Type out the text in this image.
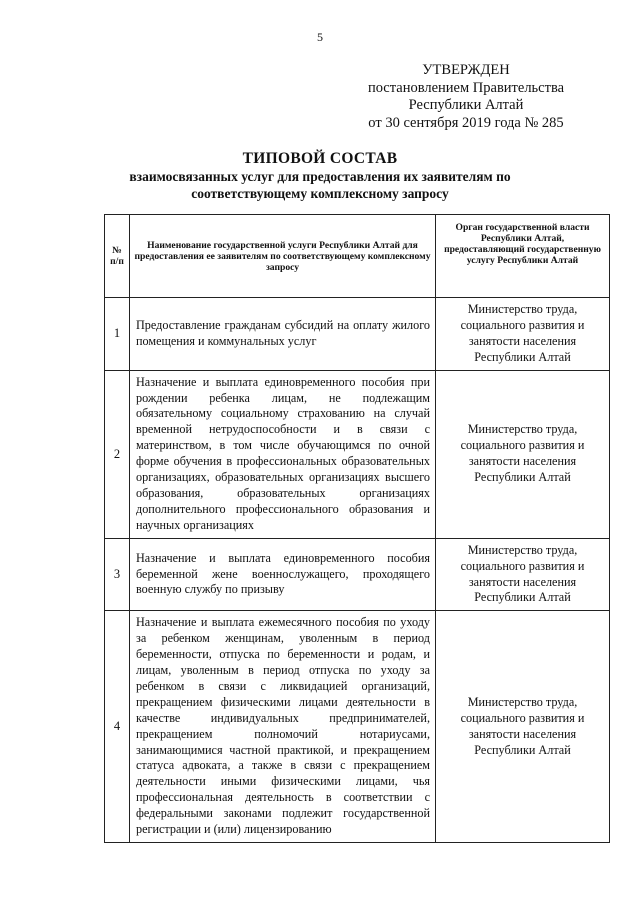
5
УТВЕРЖДЕН
постановлением Правительства
Республики Алтай
от 30 сентября 2019 года № 285
ТИПОВОЙ СОСТАВ
взаимосвязанных услуг для предоставления их заявителям по
соответствующему комплексному запросу
№
п/п	Наименование государственной услуги Республики Алтай для предоставления ее заявителям по соответствующему комплексному запросу	Орган государственной власти Республики Алтай, предоставляющий государственную услугу Республики Алтай
1	Предоставление гражданам субсидий на оплату жилого помещения и коммунальных услуг	Министерство труда, социального развития и занятости населения Республики Алтай
2	Назначение и выплата единовременного пособия при рождении ребенка лицам, не подлежащим обязательному социальному страхованию на случай временной нетрудоспособности и в связи с материнством, в том числе обучающимся по очной форме обучения в профессиональных образовательных организациях, образовательных организациях высшего образования, образовательных организациях дополнительного профессионального образования и научных организациях	Министерство труда, социального развития и занятости населения Республики Алтай
3	Назначение и выплата единовременного пособия беременной жене военнослужащего, проходящего военную службу по призыву	Министерство труда, социального развития и занятости населения Республики Алтай
4	Назначение и выплата ежемесячного пособия по уходу за ребенком женщинам, уволенным в период беременности, отпуска по беременности и родам, и лицам, уволенным в период отпуска по уходу за ребенком в связи с ликвидацией организаций, прекращением физическими лицами деятельности в качестве индивидуальных предпринимателей, прекращением полномочий нотариусами, занимающимися частной практикой, и прекращением статуса адвоката, а также в связи с прекращением деятельности иными физическими лицами, чья профессиональная деятельность в соответствии с федеральными законами подлежит государственной регистрации и (или) лицензированию	Министерство труда, социального развития и занятости населения Республики Алтай
